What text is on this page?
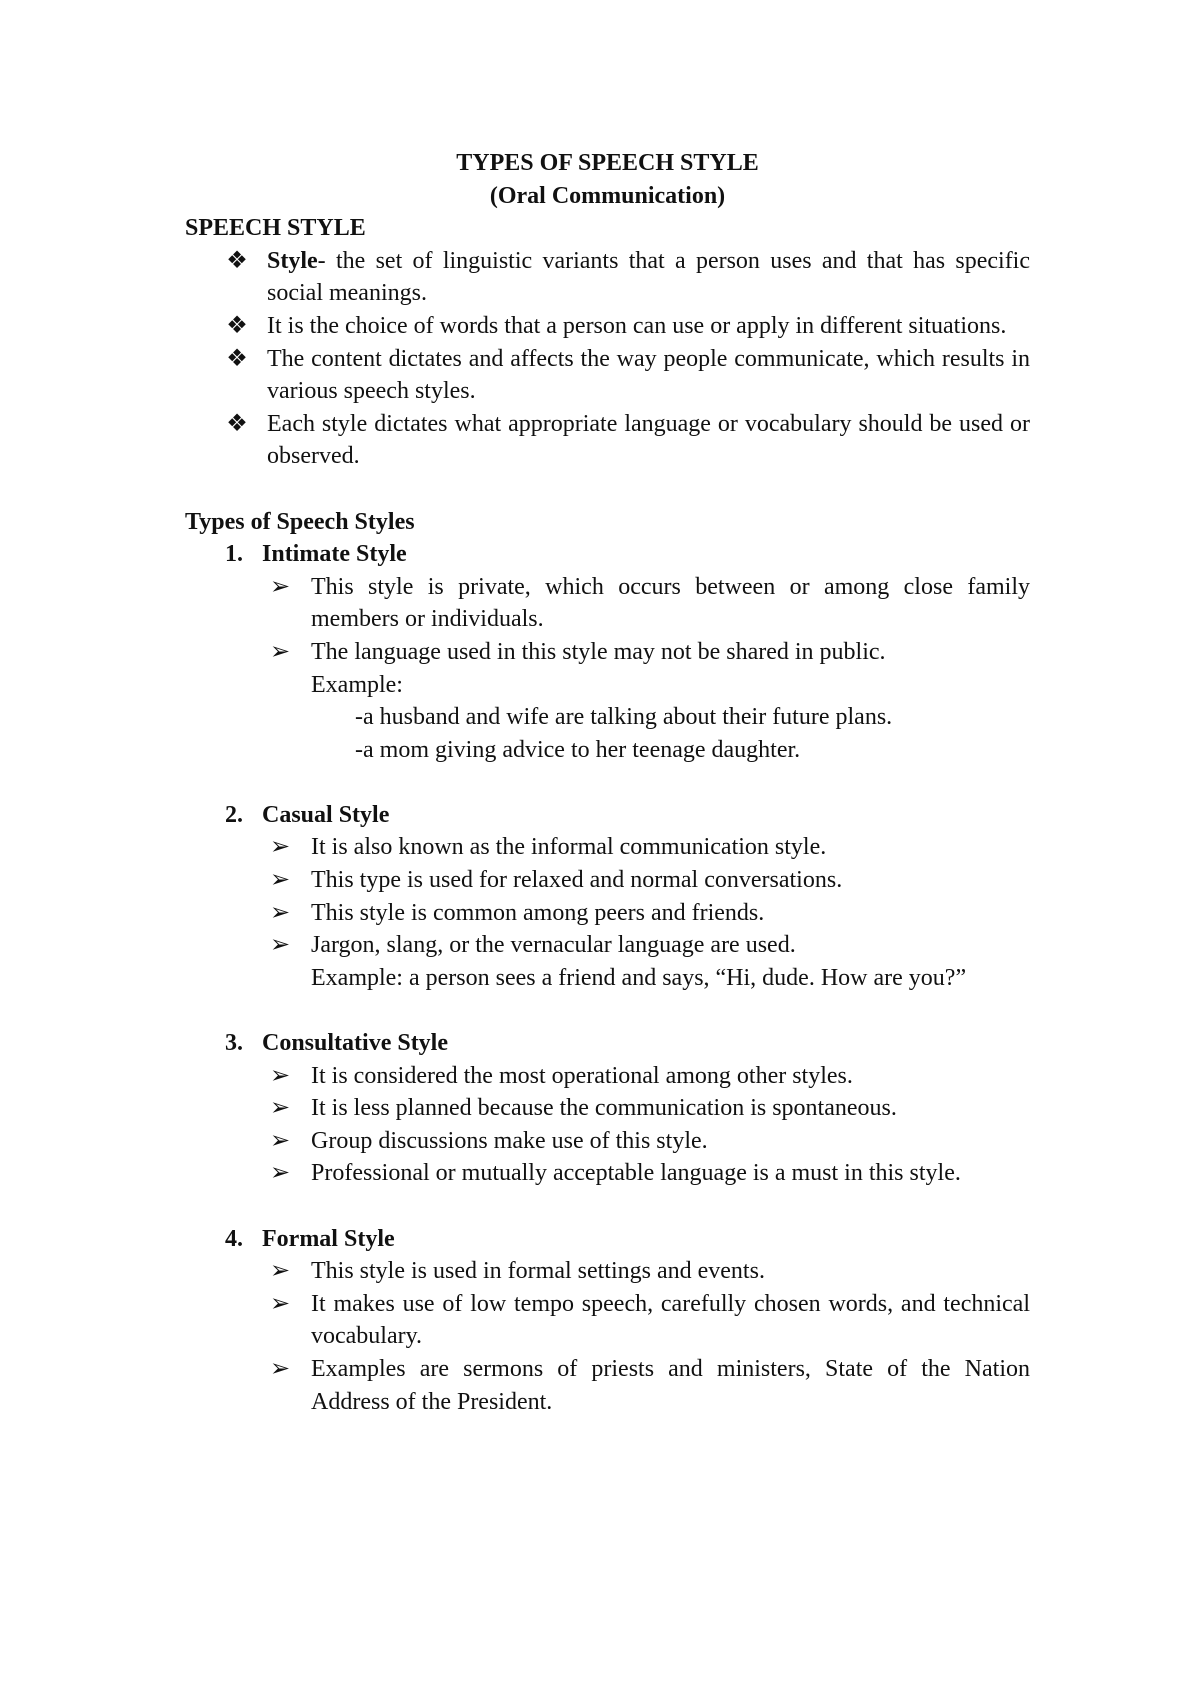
TYPES OF SPEECH STYLE

(Oral Communication)

SPEECH STYLE

❖ Style- the set of linguistic variants that a person uses and that has specific social meanings.
❖ It is the choice of words that a person can use or apply in different situations.
❖ The content dictates and affects the way people communicate, which results in various speech styles.
❖ Each style dictates what appropriate language or vocabulary should be used or observed.

Types of Speech Styles

1. Intimate Style

➢ This style is private, which occurs between or among close family members or individuals.
➢ The language used in this style may not be shared in public.

Example:

-a husband and wife are talking about their future plans.

-a mom giving advice to her teenage daughter.

2. Casual Style

➢ It is also known as the informal communication style.
➢ This type is used for relaxed and normal conversations.
➢ This style is common among peers and friends.
➢ Jargon, slang, or the vernacular language are used.

Example: a person sees a friend and says, “Hi, dude. How are you?”

3. Consultative Style

➢ It is considered the most operational among other styles.
➢ It is less planned because the communication is spontaneous.
➢ Group discussions make use of this style.
➢ Professional or mutually acceptable language is a must in this style.

4. Formal Style

➢ This style is used in formal settings and events.
➢ It makes use of low tempo speech, carefully chosen words, and technical vocabulary.
➢ Examples are sermons of priests and ministers, State of the Nation Address of the President.
